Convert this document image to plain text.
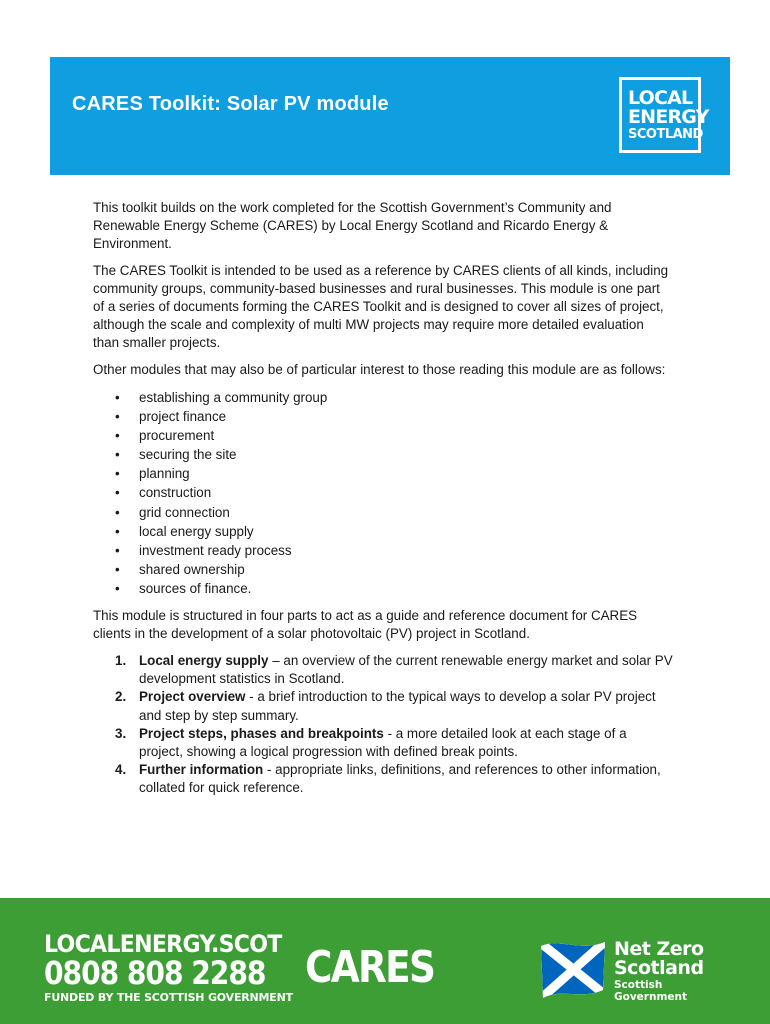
CARES Toolkit: Solar PV module	LOCAL
ENERGY
SCOTLAND

This toolkit builds on the work completed for the Scottish Government’s Community and Renewable Energy Scheme (CARES) by Local Energy Scotland and Ricardo Energy & Environment.

The CARES Toolkit is intended to be used as a reference by CARES clients of all kinds, including community groups, community-based businesses and rural businesses. This module is one part of a series of documents forming the CARES Toolkit and is designed to cover all sizes of project, although the scale and complexity of multi MW projects may require more detailed evaluation than smaller projects.

Other modules that may also be of particular interest to those reading this module are as follows:

• establishing a community group
• project finance
• procurement
• securing the site
• planning
• construction
• grid connection
• local energy supply
• investment ready process
• shared ownership
• sources of finance.

This module is structured in four parts to act as a guide and reference document for CARES clients in the development of a solar photovoltaic (PV) project in Scotland.

1. Local energy supply – an overview of the current renewable energy market and solar PV development statistics in Scotland.
2. Project overview - a brief introduction to the typical ways to develop a solar PV project and step by step summary.
3. Project steps, phases and breakpoints - a more detailed look at each stage of a project, showing a logical progression with defined break points.
4. Further information - appropriate links, definitions, and references to other information, collated for quick reference.
LOCALENERGY.SCOT
0808 808 2288
FUNDED BY THE SCOTTISH GOVERNMENT
CARES	Net Zero
Scotland
Scottish
Government
